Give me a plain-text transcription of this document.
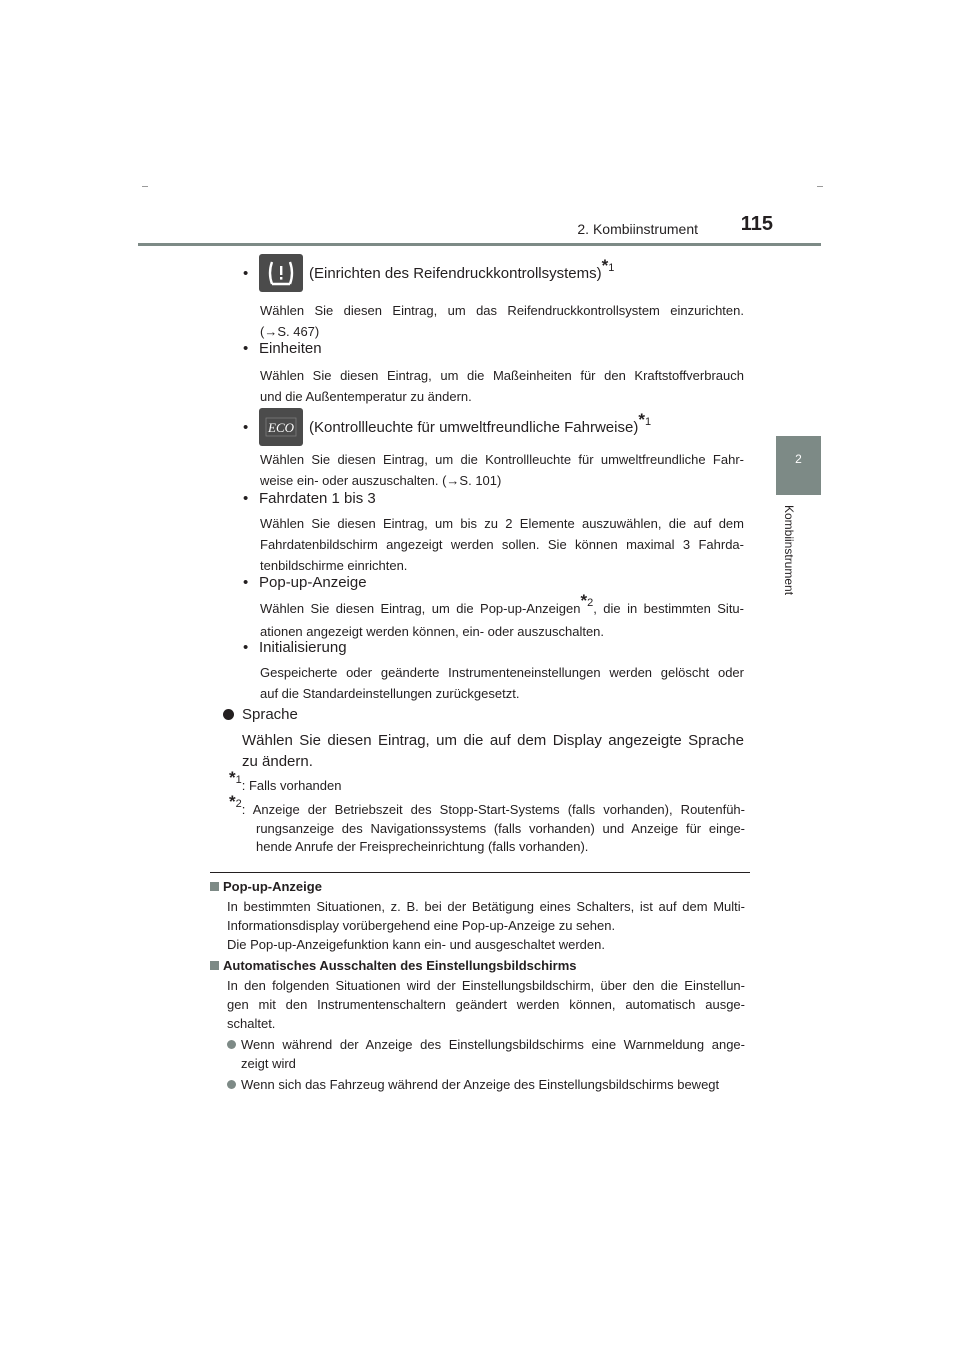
2. Kombiinstrument 115
2
Kombiinstrument
•	(Einrichten des Reifendruckkontrollsystems) *1
Wählen Sie diesen Eintrag, um das Reifendruckkontrollsystem einzurichten.
(→S. 467)
• Einheiten
Wählen Sie diesen Eintrag, um die Maßeinheiten für den Kraftstoffverbrauch
und die Außentemperatur zu ändern.
•	ECO (Kontrollleuchte für umweltfreundliche Fahrweise) *1
Wählen Sie diesen Eintrag, um die Kontrollleuchte für umweltfreundliche Fahr-
weise ein- oder auszuschalten. (→S. 101)
• Fahrdaten 1 bis 3
Wählen Sie diesen Eintrag, um bis zu 2 Elemente auszuwählen, die auf dem
Fahrdatenbildschirm angezeigt werden sollen. Sie können maximal 3 Fahrda-
tenbildschirme einrichten.
• Pop-up-Anzeige
Wählen Sie diesen Eintrag, um die Pop-up-Anzeigen$^{*2}$, die in bestimmten Situ-
ationen angezeigt werden können, ein- oder auszuschalten.
• Initialisierung
Gespeicherte oder geänderte Instrumenteneinstellungen werden gelöscht oder
auf die Standardeinstellungen zurückgesetzt.
Sprache
Wählen Sie diesen Eintrag, um die auf dem Display angezeigte Sprache
zu ändern.
$^{*1}$: Falls vorhanden
$^{*2}$: Anzeige der Betriebszeit des Stopp-Start-Systems (falls vorhanden), Routenfüh-
rungsanzeige des Navigationssystems (falls vorhanden) und Anzeige für einge-
hende Anrufe der Freisprecheinrichtung (falls vorhanden).
Pop-up-Anzeige
In bestimmten Situationen, z. B. bei der Betätigung eines Schalters, ist auf dem Multi-
Informationsdisplay vorübergehend eine Pop-up-Anzeige zu sehen.
Die Pop-up-Anzeigefunktion kann ein- und ausgeschaltet werden.
Automatisches Ausschalten des Einstellungsbildschirms
In den folgenden Situationen wird der Einstellungsbildschirm, über den die Einstellun-
gen mit den Instrumentenschaltern geändert werden können, automatisch ausge-
schaltet.
Wenn während der Anzeige des Einstellungsbildschirms eine Warnmeldung ange-
zeigt wird
Wenn sich das Fahrzeug während der Anzeige des Einstellungsbildschirms bewegt
